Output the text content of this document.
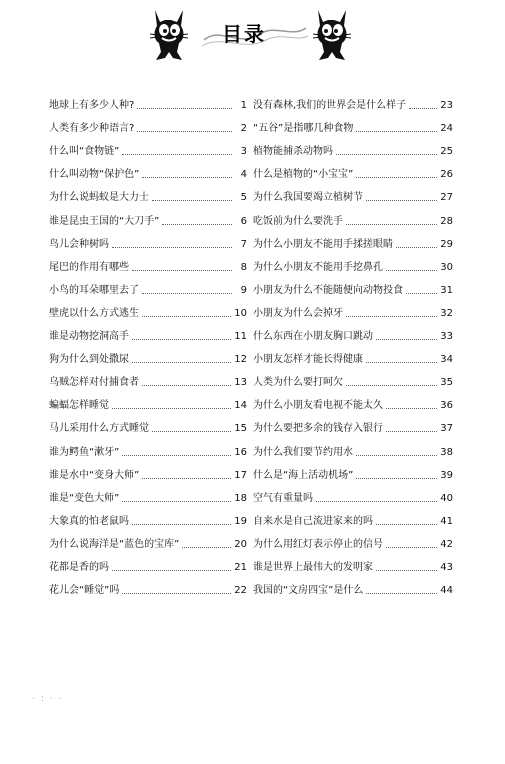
目录
地球上有多少人种?	1
人类有多少种语言?	2
什么叫“食物链”	3
什么叫动物“保护色”	4
为什么说蚂蚁是大力士	5
谁是昆虫王国的“大刀手”	6
鸟儿会种树吗	7
尾巴的作用有哪些	8
小鸟的耳朵哪里去了	9
壁虎以什么方式逃生	10
谁是动物挖洞高手	11
狗为什么到处撒尿	12
乌贼怎样对付捕食者	13
蝙蝠怎样睡觉	14
马儿采用什么方式睡觉	15
谁为鳄鱼“漱牙”	16
谁是水中“变身大师”	17
谁是“变色大师”	18
大象真的怕老鼠吗	19
为什么说海洋是“蓝色的宝库”	20
花都是香的吗	21
花儿会“睡觉”吗	22
没有森林,我们的世界会是什么样子	23
“五谷”是指哪几种食物	24
植物能捕杀动物吗	25
什么是植物的“小宝宝”	26
为什么我国要竭立植树节	27
吃饭前为什么要洗手	28
为什么小朋友不能用手揉搓眼睛	29
为什么小朋友不能用手挖鼻孔	30
小朋友为什么不能随便向动物投食	31
小朋友为什么会掉牙	32
什么东西在小朋友胸口跳动	33
小朋友怎样才能长得健康	34
人类为什么要打呵欠	35
为什么小朋友看电视不能太久	36
为什么要把多余的钱存入银行	37
为什么我们要节约用水	38
什么是“海上活动机场”	39
空气有重量吗	40
自来水是自己流进家来的吗	41
为什么用红灯表示停止的信号	42
谁是世界上最伟大的发明家	43
我国的“文房四宝”是什么	44
·:··
